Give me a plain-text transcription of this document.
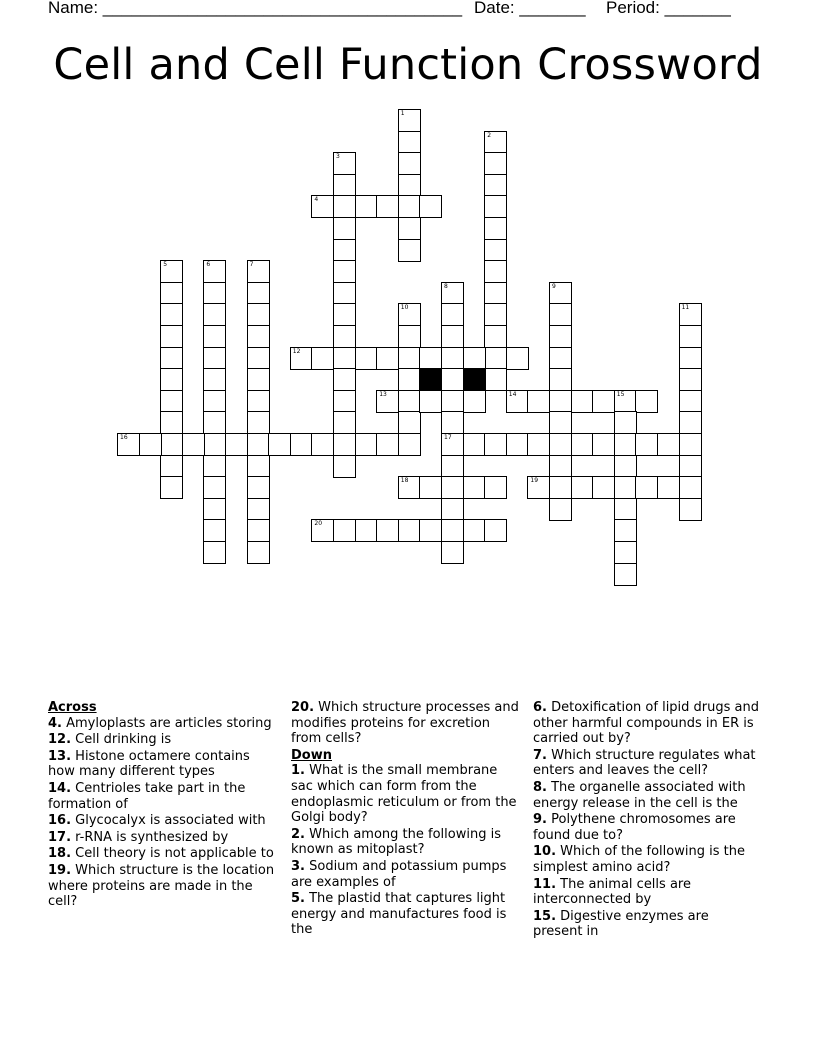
Name: ______________________________________ Date: _______ Period: _______
Cell and Cell Function Crossword
1
2
3
4
5	6	7
8
17
9
10	11
12
13	14	15
16
18	19
20
Across
4. Amyloplasts are articles storing
12. Cell drinking is
13. Histone octamere contains how many different types
14. Centrioles take part in the formation of
16. Glycocalyx is associated with
17. r-RNA is synthesized by
18. Cell theory is not applicable to
19. Which structure is the location where proteins are made in the cell?
20. Which structure processes and modifies proteins for excretion from cells?
Down
1. What is the small membrane sac which can form from the endoplasmic reticulum or from the Golgi body?
2. Which among the following is known as mitoplast?
3. Sodium and potassium pumps are examples of
5. The plastid that captures light energy and manufactures food is the
6. Detoxification of lipid drugs and other harmful compounds in ER is carried out by?
7. Which structure regulates what enters and leaves the cell?
8. The organelle associated with energy release in the cell is the
9. Polythene chromosomes are found due to?
10. Which of the following is the simplest amino acid?
11. The animal cells are interconnected by
15. Digestive enzymes are present in
